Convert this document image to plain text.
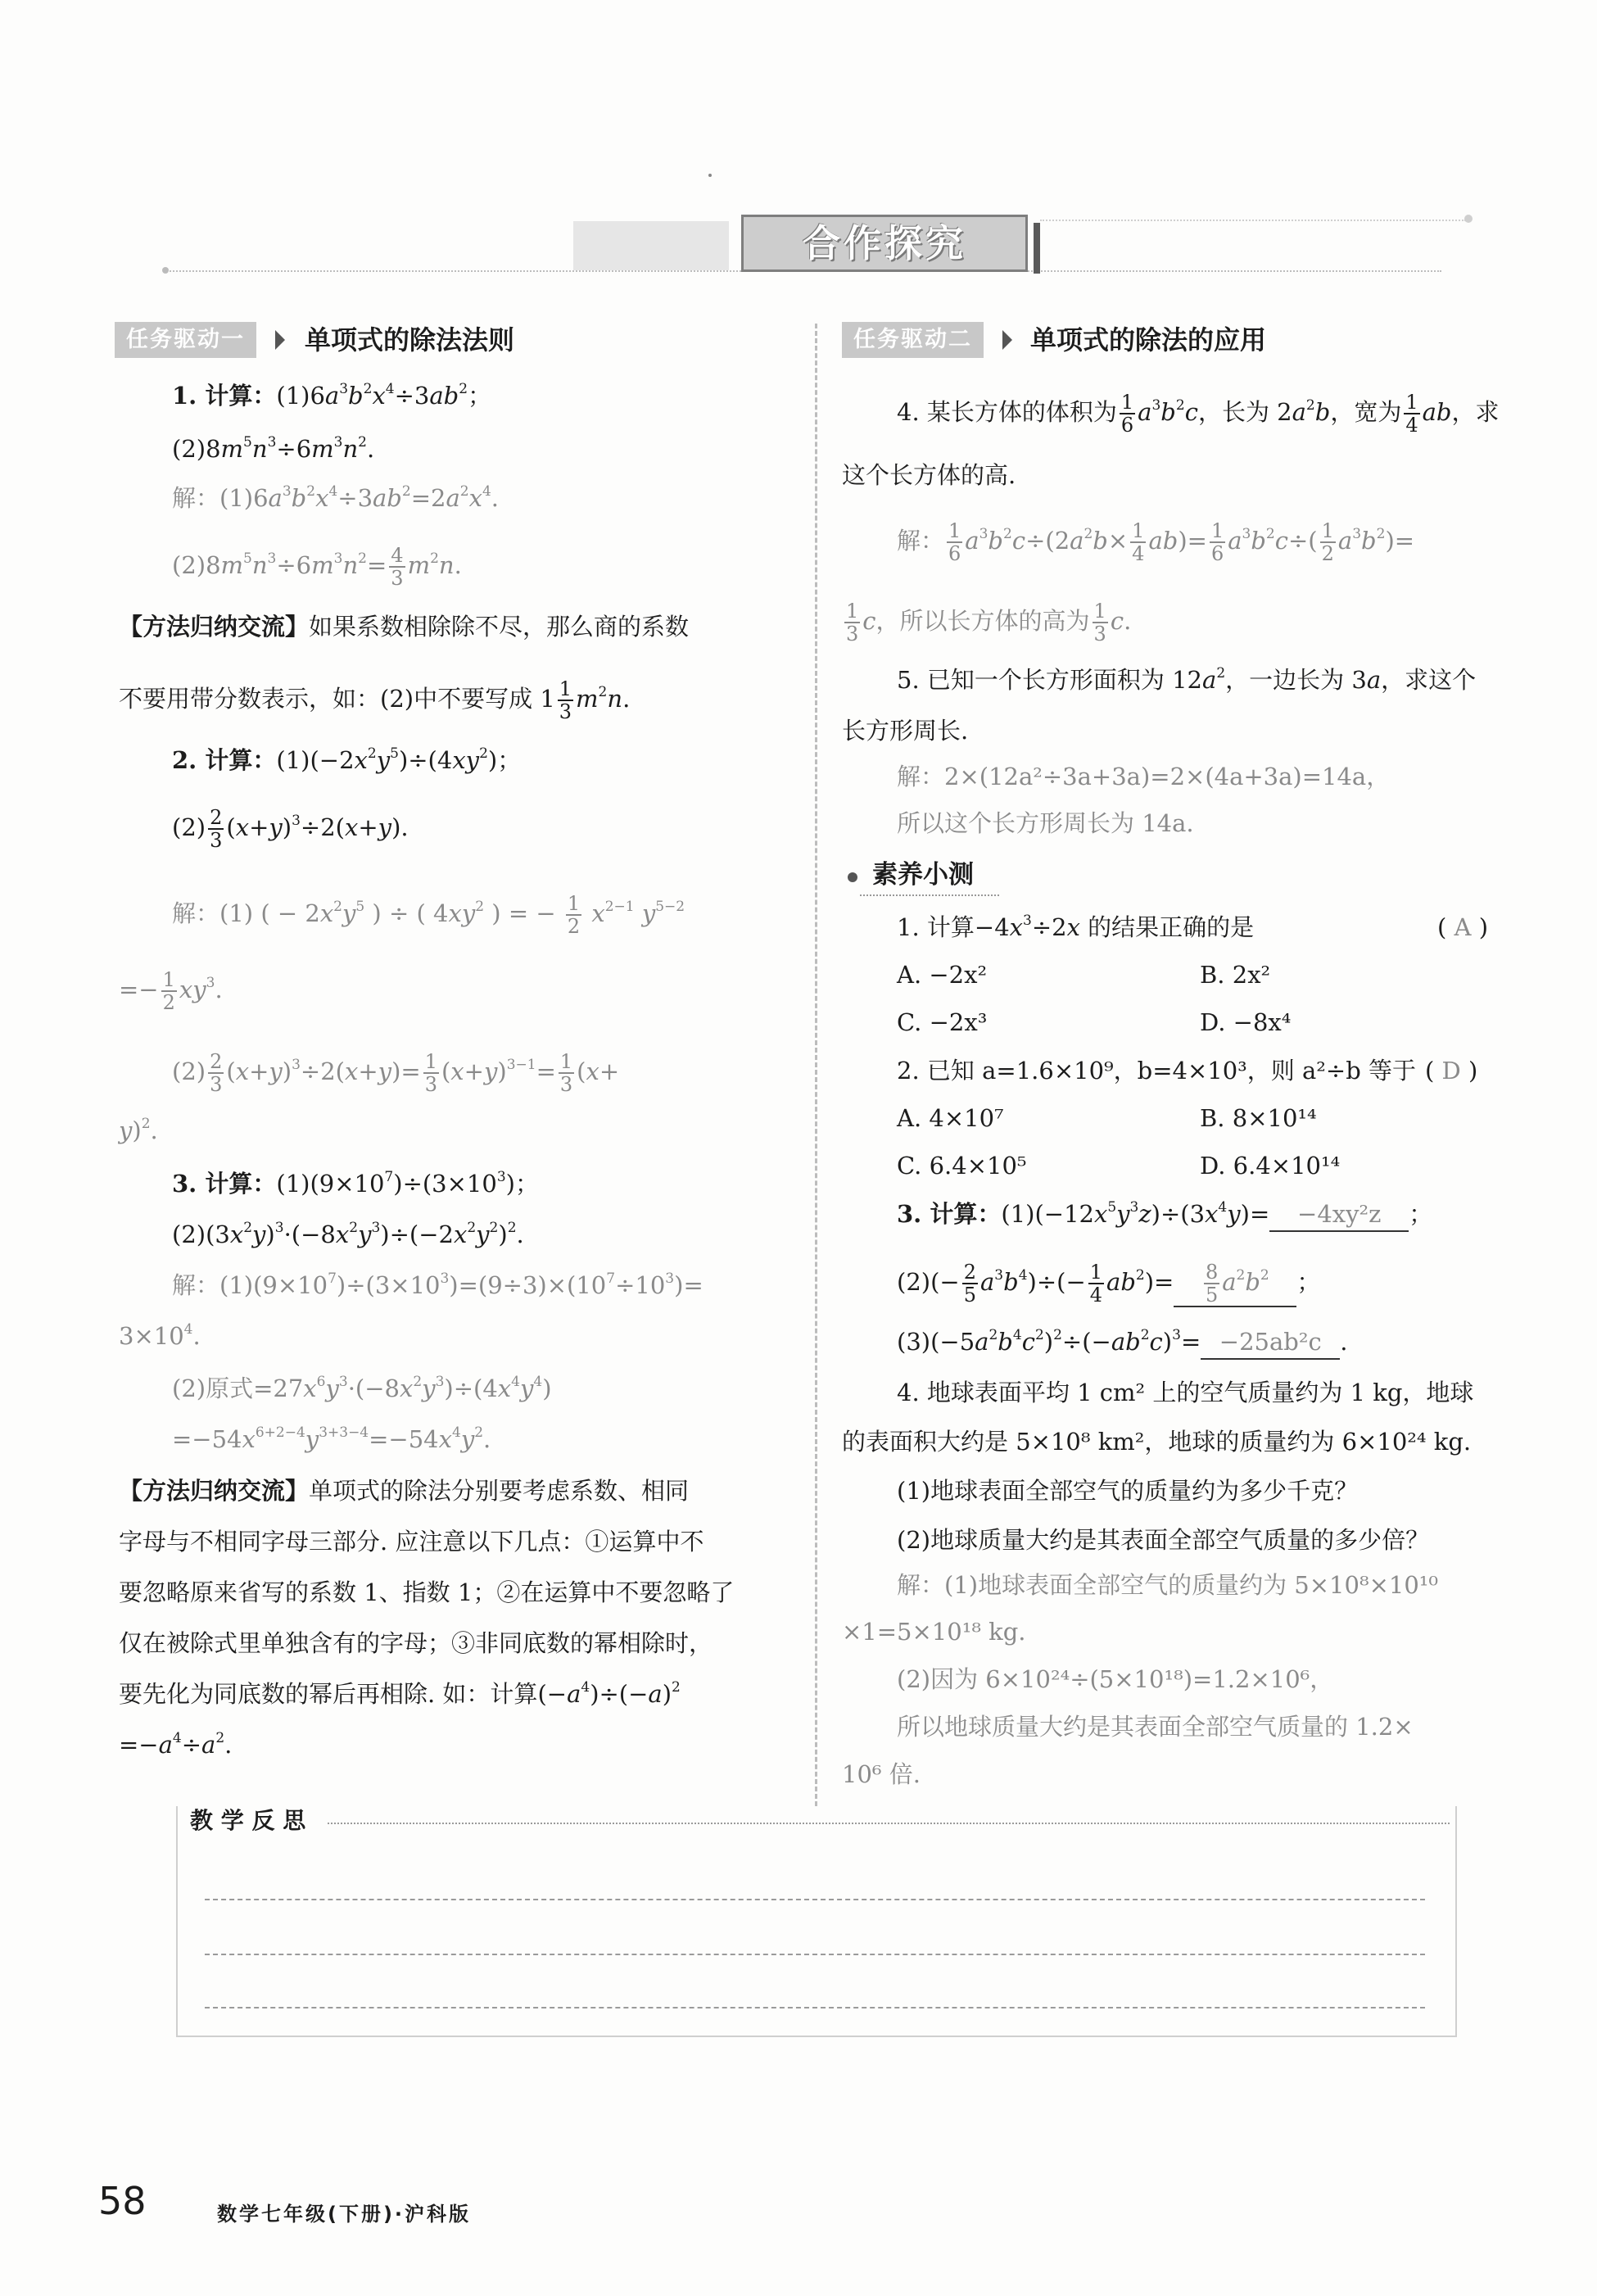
合作探究
任务驱动一	单项式的除法法则
1. 计算：$(1)6a^3b^2x^4\div 3ab^2$；
$(2)8m^5n^3\div 6m^3n^2$.
解：$(1)6a^3b^2x^4\div 3ab^2=2a^2x^4$.
$(2)8m^5n^3\div 6m^3n^2= \frac{4}{3} m^2n$.
【方法归纳交流】如果系数相除除不尽，那么商的系数
不要用带分数表示，如：(2)中不要写成 $1 \frac{1}{3} m^2n$.
2. 计算：$(1)(-2x^2y^5)\div(4xy^2)$；
$(2) \frac{2}{3} (x+y)^3\div 2(x+y)$.
解：(1) ( − $2x^2y^5$ ) ÷ ( $4xy^2$ ) = − $\frac{1}{2} x^{2-1}$ $y^{5-2}$
=− $\frac{1}{2} xy^3$.
$(2) \frac{2}{3} (x+y)^3\div 2(x+y)= \frac{1}{3} (x+y)^{3-1}= \frac{1}{3} (x+$
y)$^2$.
3. 计算：$(1)(9\times 10^7)\div(3\times 10^3)$；
$(2)(3x^2y)^3\cdot(-8x^2y^3)\div(-2x^2y^2)^2$.
解：$(1)(9\times 10^7)\div(3\times 10^3)=(9\div 3)\times(10^7\div 10^3)=$
$3\times 10^4$.
(2)原式$=27x^6y^3\cdot(-8x^2y^3)\div(4x^4y^4)$
$=-54x^{6+2-4}y^{3+3-4}=-54x^4y^2$.
【方法归纳交流】单项式的除法分别要考虑系数、相同
字母与不相同字母三部分. 应注意以下几点：①运算中不
要忽略原来省写的系数 1、指数 1；②在运算中不要忽略了
仅在被除式里单独含有的字母；③非同底数的幂相除时，
要先化为同底数的幂后再相除. 如：计算$(-a^4)\div(-a)^2$
$=-a^4\div a^2$.
任务驱动二	单项式的除法的应用
4. 某长方体的体积为 $\frac{1}{6} a^3b^2c$，长为 $2a^2b$，宽为 $\frac{1}{4}$ ab，求
这个长方体的高.
解： $\frac{1}{6} a^3b^2c\div(2a^2b\times \frac{1}{4} ab)= \frac{1}{6} a^3b^2c\div( \frac{1}{2} a^3b^2)=$
$\frac{1}{3}$ c，所以长方体的高为 $\frac{1}{3} c$.
5. 已知一个长方形面积为 $12a^2$，一边长为 3a，求这个
长方形周长.
解：2×(12a²÷3a+3a)=2×(4a+3a)=14a，
所以这个长方形周长为 14a.
素养小测
1. 计算$-4x^3\div 2x$ 的结果正确的是	( A )
A. −2x²	B. 2x²
C. −2x³	D. −8x⁴
2. 已知 a=1.6×10⁹，b=4×10³，则 a²÷b 等于 ( D )
A. 4×10⁷	B. 8×10¹⁴
C. 6.4×10⁵	D. 6.4×10¹⁴
3. 计算：$(1)(-12x^5y^3z)\div(3x^4y)= -4xy^2z$ ；
$(2)(- \frac{2}{5} a^3b^4)\div(- \frac{1}{4} ab^2)= \frac{8}{5} a^2b^2$ ；
$(3)(-5a^2b^4c^2)^2\div(-ab^2c)^3= -25ab^2c$ .
4. 地球表面平均 1 cm² 上的空气质量约为 1 kg，地球
的表面积大约是 5×10⁸ km²，地球的质量约为 6×10²⁴ kg.
(1)地球表面全部空气的质量约为多少千克？
(2)地球质量大约是其表面全部空气质量的多少倍？
解：(1)地球表面全部空气的质量约为 5×10⁸×10¹⁰
×1=5×10¹⁸ kg.
(2)因为 6×10²⁴÷(5×10¹⁸)=1.2×10⁶，
所以地球质量大约是其表面全部空气质量的 1.2×
10⁶ 倍.
教 学 反 思
58	数学七年级(下册)·沪科版
